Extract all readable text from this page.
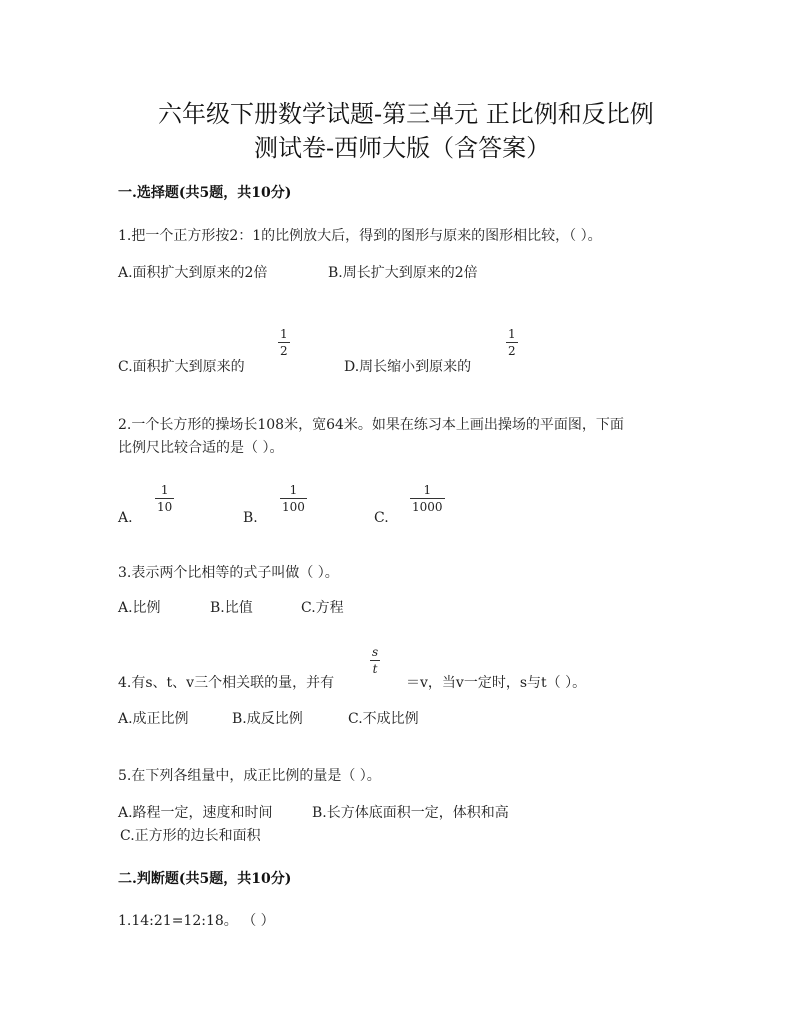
六年级下册数学试题-第三单元 正比例和反比例
测试卷-西师大版（含答案）
一.选择题(共5题，共10分)
1.把一个正方形按2：1的比例放大后，得到的图形与原来的图形相比较，（ ）。
A.面积扩大到原来的2倍	B.周长扩大到原来的2倍
1
2
C.面积扩大到原来的
1
2
D.周长缩小到原来的
2.一个长方形的操场长108米，宽64米。如果在练习本上画出操场的平面图，下面
比例尺比较合适的是（ ）。
1
10
A.
1
100
B.
1
1000
C.
3.表示两个比相等的式子叫做（ ）。
A.比例	B.比值	C.方程
s
t
4.有s、t、v三个相关联的量，并有	＝v，当v一定时，s与t（ ）。
A.成正比例	B.成反比例	C.不成比例
5.在下列各组量中，成正比例的量是（ ）。
A.路程一定，速度和时间	B.长方体底面积一定，体积和高
C.正方形的边长和面积
二.判断题(共5题，共10分)
1.14:21=12:18。 （ ）
